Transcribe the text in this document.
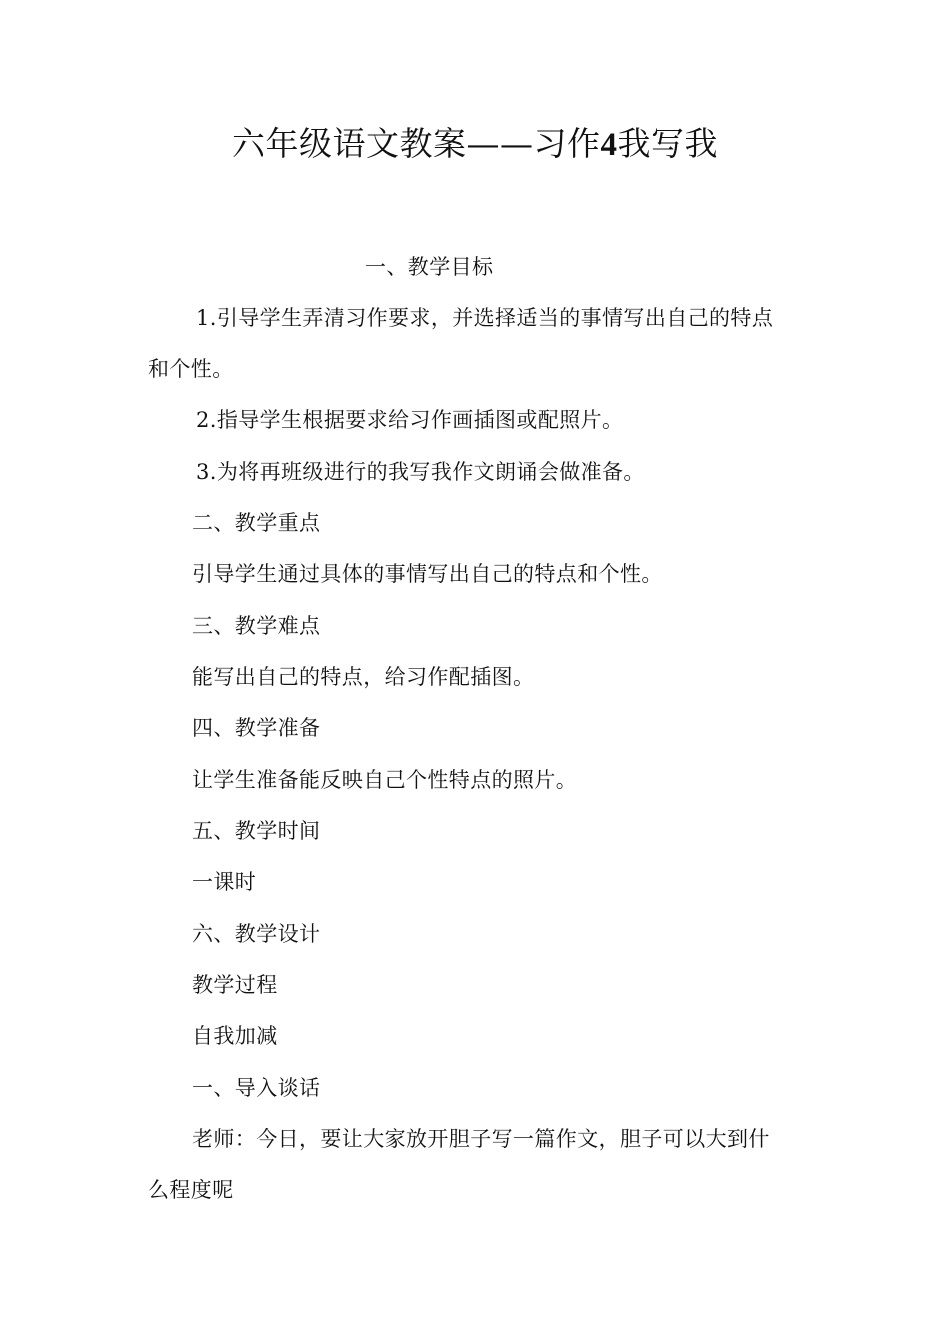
六年级语文教案——习作4我写我
一、教学目标
1.引导学生弄清习作要求，并选择适当的事情写出自己的特点
和个性。
2.指导学生根据要求给习作画插图或配照片。
3.为将再班级进行的我写我作文朗诵会做准备。
二、教学重点
引导学生通过具体的事情写出自己的特点和个性。
三、教学难点
能写出自己的特点，给习作配插图。
四、教学准备
让学生准备能反映自己个性特点的照片。
五、教学时间
一课时
六、教学设计
教学过程
自我加减
一、导入谈话
老师：今日，要让大家放开胆子写一篇作文，胆子可以大到什
么程度呢
